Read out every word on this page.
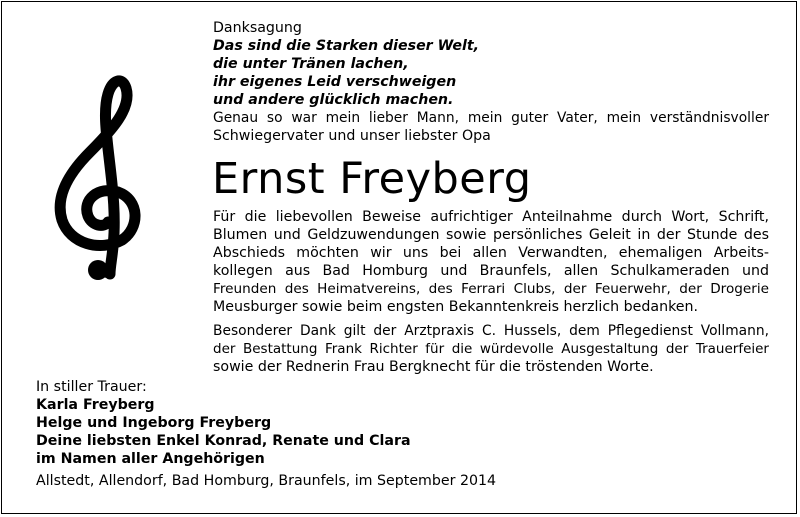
Danksagung
Das sind die Starken dieser Welt,
die unter Tränen lachen,
ihr eigenes Leid verschweigen
und andere glücklich machen.
Genau so war mein lieber Mann, mein guter Vater, mein verständnisvoller
Schwiegervater und unser liebster Opa
Ernst Freyberg
Für die liebevollen Beweise aufrichtiger Anteilnahme durch Wort, Schrift,
Blumen und Geldzuwendungen sowie persönliches Geleit in der Stunde des
Abschieds möchten wir uns bei allen Verwandten, ehemaligen Arbeits-
kollegen aus Bad Homburg und Braunfels, allen Schulkameraden und
Freunden des Heimatvereins, des Ferrari Clubs, der Feuerwehr, der Drogerie
Meusburger sowie beim engsten Bekanntenkreis herzlich bedanken.
Besonderer Dank gilt der Arztpraxis C. Hussels, dem Pflegedienst Vollmann,
der Bestattung Frank Richter für die würdevolle Ausgestaltung der Trauerfeier
sowie der Rednerin Frau Bergknecht für die tröstenden Worte.
In stiller Trauer:
Karla Freyberg
Helge und Ingeborg Freyberg
Deine liebsten Enkel Konrad, Renate und Clara
im Namen aller Angehörigen
Allstedt, Allendorf, Bad Homburg, Braunfels, im September 2014
